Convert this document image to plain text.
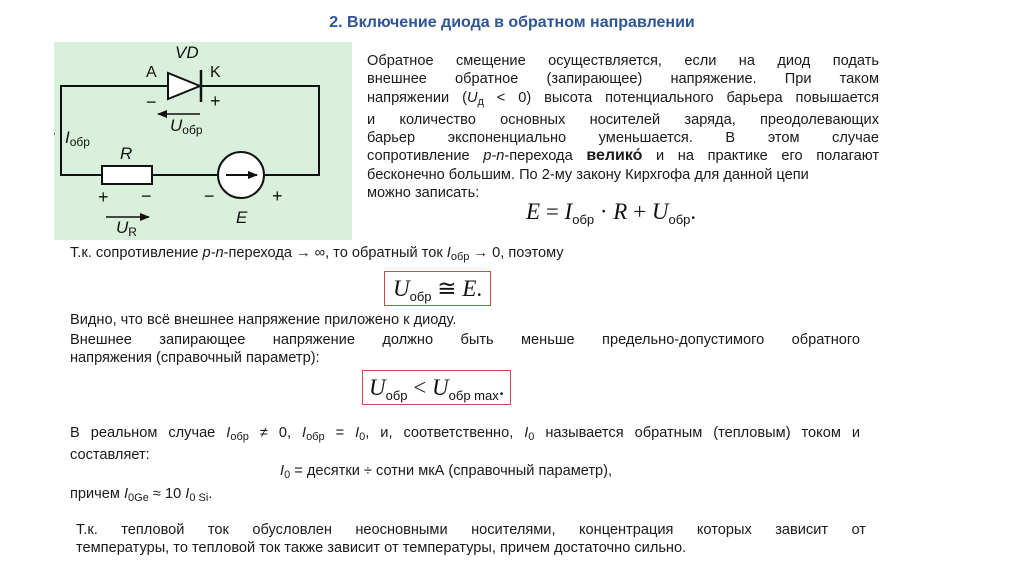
2. Включение диода в обратном направлении
VD
A	K
−	+
$U_{обр}$
$I_{обр}$
R
+ −
$U_R$
−	+
E
Обратное смещение осуществляется, если на диод подать
внешнее обратное (запирающее) напряжение. При таком
напряжении $(U_д < 0)$ высота потенциального барьера повышается
и количество основных носителей заряда, преодолевающих
барьер экспоненциально уменьшается. В этом случае
сопротивление p-n-перехода велико́ и на практике его полагают
бесконечно большим. По 2-му закону Кирхгофа для данной цепи
можно записать:
$E = I_{обр} \cdot R + U_{обр}$.
Т.к. сопротивление p-n-перехода → ∞, то обратный ток $I_{обр} \to 0$, поэтому
$U_{обр}$ ≅ E.
Видно, что всё внешнее напряжение приложено к диоду.
Внешнее запирающее напряжение должно быть меньше предельно-допустимого обратного
напряжения (справочный параметр):
$U_{обр} < U_{обр max}$.
В реальном случае $I_{обр} \ne 0$, $I_{обр} = I_0$, и, соответственно, $I_0$ называется обратным (тепловым) током и
составляет:
$I_0$ = десятки ÷ сотни мкА (справочный параметр),
причем $I_{0Ge} \approx 10$ $I_{0 Si}$.
Т.к. тепловой ток обусловлен неосновными носителями, концентрация которых зависит от
температуры, то тепловой ток также зависит от температуры, причем достаточно сильно.
